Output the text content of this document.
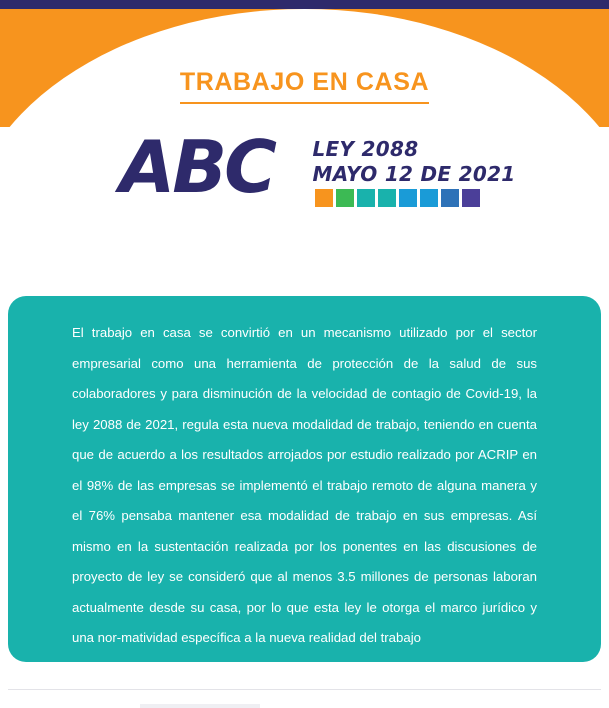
TRABAJO EN CASA
ABC LEY 2088
MAYO 12 DE 2021
El trabajo en casa se convirtió en un mecanismo utilizado por el sector empresarial como una herramienta de protección de la salud de sus colaboradores y para disminución de la velocidad de contagio de Covid-19, la ley 2088 de 2021, regula esta nueva modalidad de trabajo, teniendo en cuenta que de acuerdo a los resultados arrojados por estudio realizado por ACRIP en el 98% de las empresas se implementó el trabajo remoto de alguna manera y el 76% pensaba mantener esa modalidad de trabajo en sus empresas. Así mismo en la sustentación realizada por los ponentes en las discusiones de proyecto de ley se consideró que al menos 3.5 millones de personas laboran actualmente desde su casa, por lo que esta ley le otorga el marco jurídico y una nor-matividad específica a la nueva realidad del trabajo
